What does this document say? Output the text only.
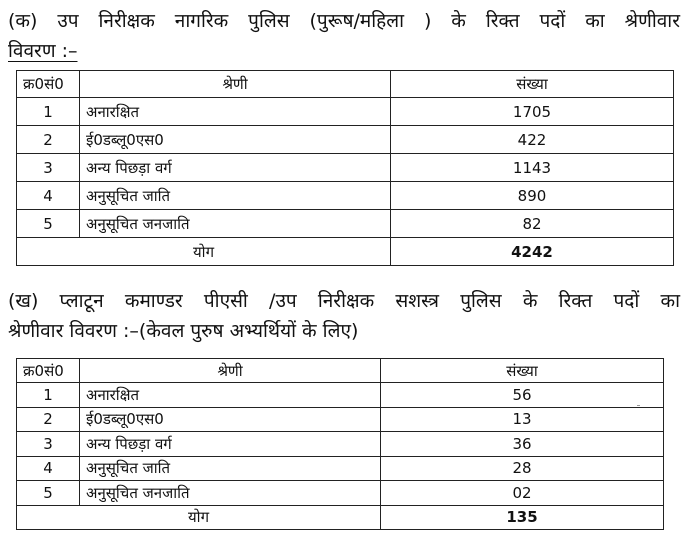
(क) उप निरीक्षक नागरिक पुलिस (पुरूष/महिला ) के रिक्त पदों का श्रेणीवार
विवरण :–
क्र0सं0	श्रेणी	संख्या
1	अनारक्षित	1705
2	ई0डब्लू0एस0	422
3	अन्य पिछड़ा वर्ग	1143
4	अनुसूचित जाति	890
5	अनुसूचित जनजाति	82
योग		4242
(ख) प्लाटून कमाण्डर पीएसी /उप निरीक्षक सशस्त्र पुलिस के रिक्त पदों का
श्रेणीवार विवरण :–(केवल पुरुष अभ्यर्थियों के लिए)
क्र0सं0	श्रेणी	संख्या
1	अनारक्षित	56
2	ई0डब्लू0एस0	13
3	अन्य पिछड़ा वर्ग	36
4	अनुसूचित जाति	28
5	अनुसूचित जनजाति	02
योग		135
